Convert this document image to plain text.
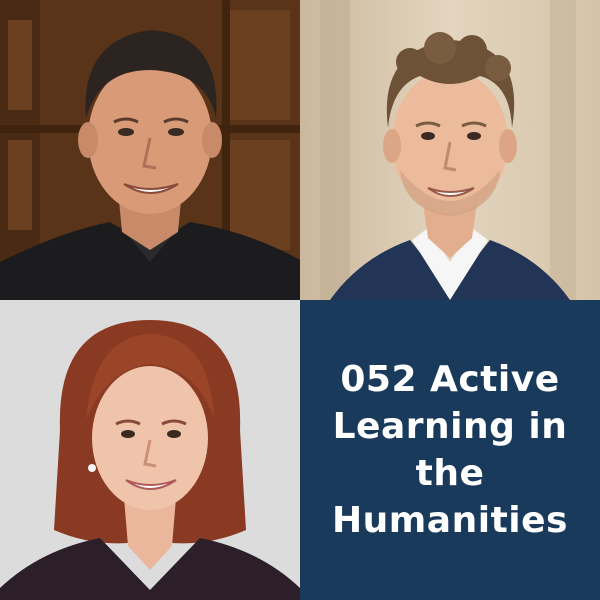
052 Active
Learning in
the
Humanities
